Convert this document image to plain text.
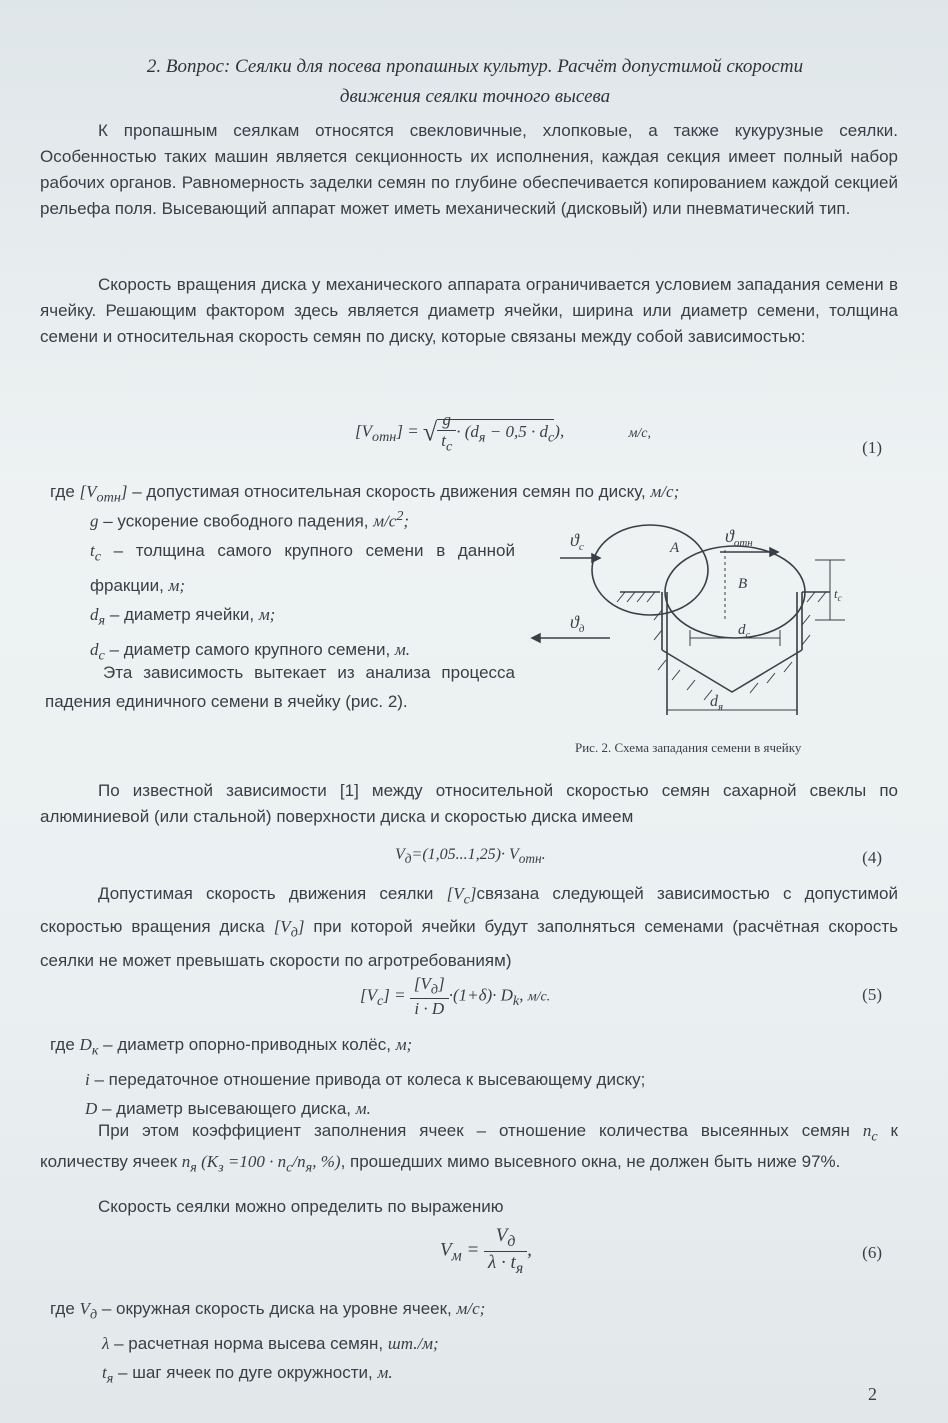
2. Вопрос: Сеялки для посева пропашных культур. Расчёт допустимой скорости
движения сеялки точного высева
К пропашным сеялкам относятся свекловичные, хлопковые, а также кукурузные сеялки. Особенностью таких машин является секционность их исполнения, каждая секция имеет полный набор рабочих органов. Равномерность заделки семян по глубине обеспечивается копированием каждой секцией рельефа поля. Высевающий аппарат может иметь механический (дисковый) или пневматический тип.
Скорость вращения диска у механического аппарата ограничивается условием западания семени в ячейку. Решающим фактором здесь является диаметр ячейки, ширина или диаметр семени, толщина семени и относительная скорость семян по диску, которые связаны между собой зависимостью:
$[V_{отн}]$ = √ $\frac{g}{t_c} \cdot (d_я - 0,5 \cdot d_c)$,	м/с,
(1)
где $[V_{отн}]$ – допустимая относительная скорость движения семян по диску, м/с;
g – ускорение свободного падения, $м/с^2$;
$t_c$ – толщина самого крупного семени в данной фракции, м;
$d_я$ – диаметр ячейки, м;
$d_c$ – диаметр самого крупного семени, м.
Эта зависимость вытекает из анализа процесса падения единичного семени в ячейку (рис. 2).
$ϑ_c$
$ϑ_{отн}$
$ϑ_д$
A
B
$d_c$
$d_я$
$t_c$
Рис. 2. Схема западания семени в ячейку
По известной зависимости [1] между относительной скоростью семян сахарной свеклы по алюминиевой (или стальной) поверхности диска и скоростью диска имеем
$V_д=(1,05...1,25)\cdot V_{отн}$.	(4)
Допустимая скорость движения сеялки $[V_c]связана$ следующей зависимостью с допустимой скоростью вращения диска $[V_д]$ при которой ячейки будут заполняться семенами (расчётная скорость сеялки не может превышать скорости по агротребованиям)
$[V_c] = \frac{[V_д]}{i \cdot D} \cdot(1+\delta)\cdot D_k$, м/с.	(5)
где $D_к$ – диаметр опорно-приводных колёс, м;
i – передаточное отношение привода от колеса к высевающему диску;
D – диаметр высевающего диска, м.
При этом коэффициент заполнения ячеек – отношение количества высеянных семян $n_c$ к количеству ячеек $n_я$ ($K_з =100 \cdot n_c/n_я$, %), прошедших мимо высевного окна, не должен быть ниже 97%.
Скорость сеялки можно определить по выражению
$V_м = \frac{V_д}{\lambda \cdot t_я}$ ,	(6)
где $V_д$ – окружная скорость диска на уровне ячеек, м/с;
λ – расчетная норма высева семян, шт./м;
$t_я$ – шаг ячеек по дуге окружности, м.
2
